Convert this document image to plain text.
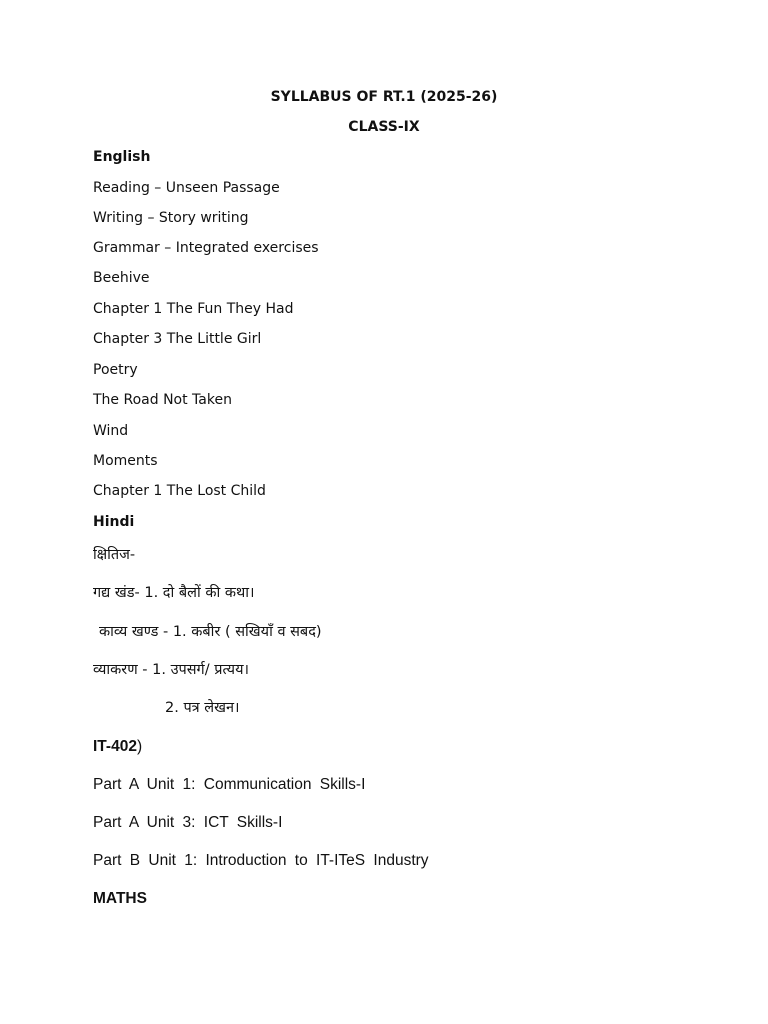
SYLLABUS OF RT.1 (2025-26)
CLASS-IX
English
Reading – Unseen Passage
Writing – Story writing
Grammar – Integrated exercises
Beehive
Chapter 1 The Fun They Had
Chapter 3 The Little Girl
Poetry
The Road Not Taken
Wind
Moments
Chapter 1 The Lost Child
Hindi
क्षितिज-
गद्य खंड- 1. दो बैलों की कथा।
काव्य खण्ड - 1. कबीर ( सखियाँ व सबद)
व्याकरण - 1. उपसर्ग/ प्रत्यय।
2. पत्र लेखन।
IT-402)
Part A Unit 1: Communication Skills-I
Part A Unit 3: ICT Skills-I
Part B Unit 1: Introduction to IT-ITeS Industry
MATHS
